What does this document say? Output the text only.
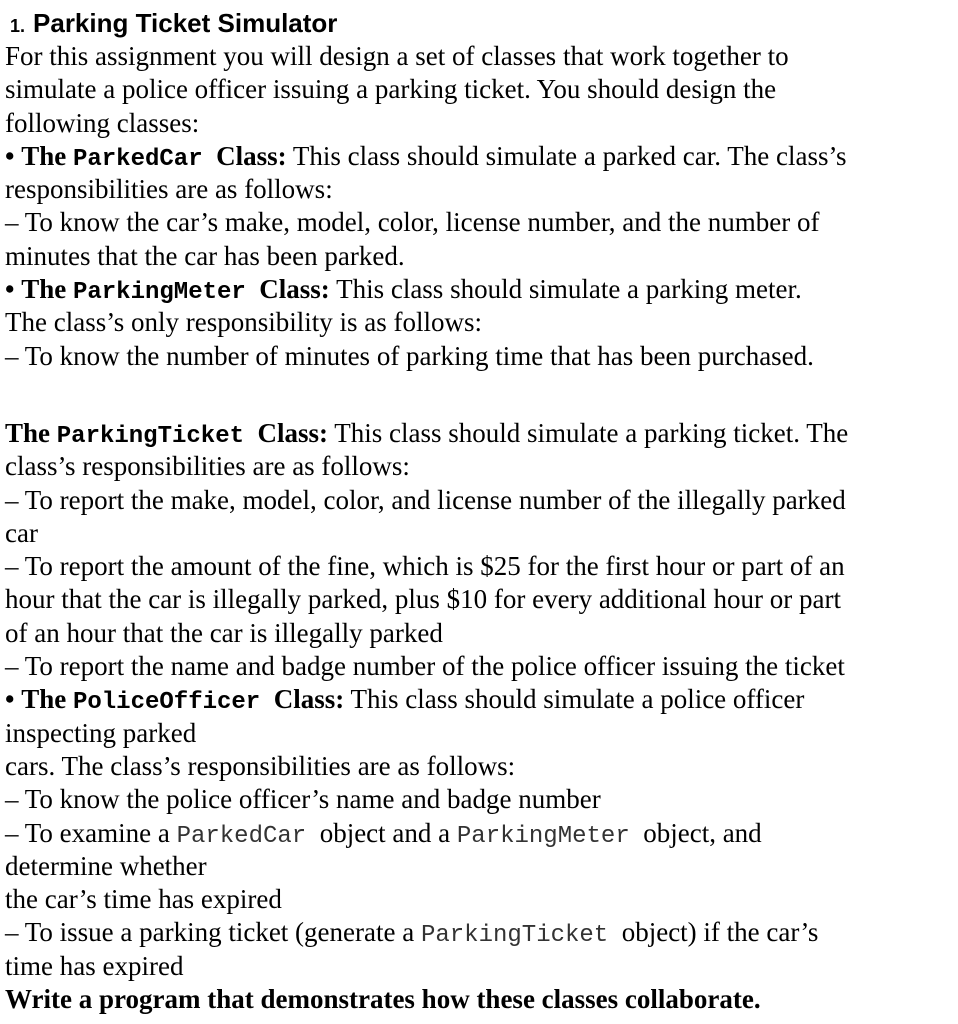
1. Parking Ticket Simulator
For this assignment you will design a set of classes that work together to
simulate a police officer issuing a parking ticket. You should design the
following classes:
• The ParkedCar Class: This class should simulate a parked car. The class’s
responsibilities are as follows:
– To know the car’s make, model, color, license number, and the number of
minutes that the car has been parked.
• The ParkingMeter Class: This class should simulate a parking meter.
The class’s only responsibility is as follows:
– To know the number of minutes of parking time that has been purchased.
The ParkingTicket Class: This class should simulate a parking ticket. The
class’s responsibilities are as follows:
– To report the make, model, color, and license number of the illegally parked
car
– To report the amount of the fine, which is $25 for the first hour or part of an
hour that the car is illegally parked, plus $10 for every additional hour or part
of an hour that the car is illegally parked
– To report the name and badge number of the police officer issuing the ticket
• The PoliceOfficer Class: This class should simulate a police officer
inspecting parked
cars. The class’s responsibilities are as follows:
– To know the police officer’s name and badge number
– To examine a ParkedCar object and a ParkingMeter object, and
determine whether
the car’s time has expired
– To issue a parking ticket (generate a ParkingTicket object) if the car’s
time has expired
Write a program that demonstrates how these classes collaborate.
